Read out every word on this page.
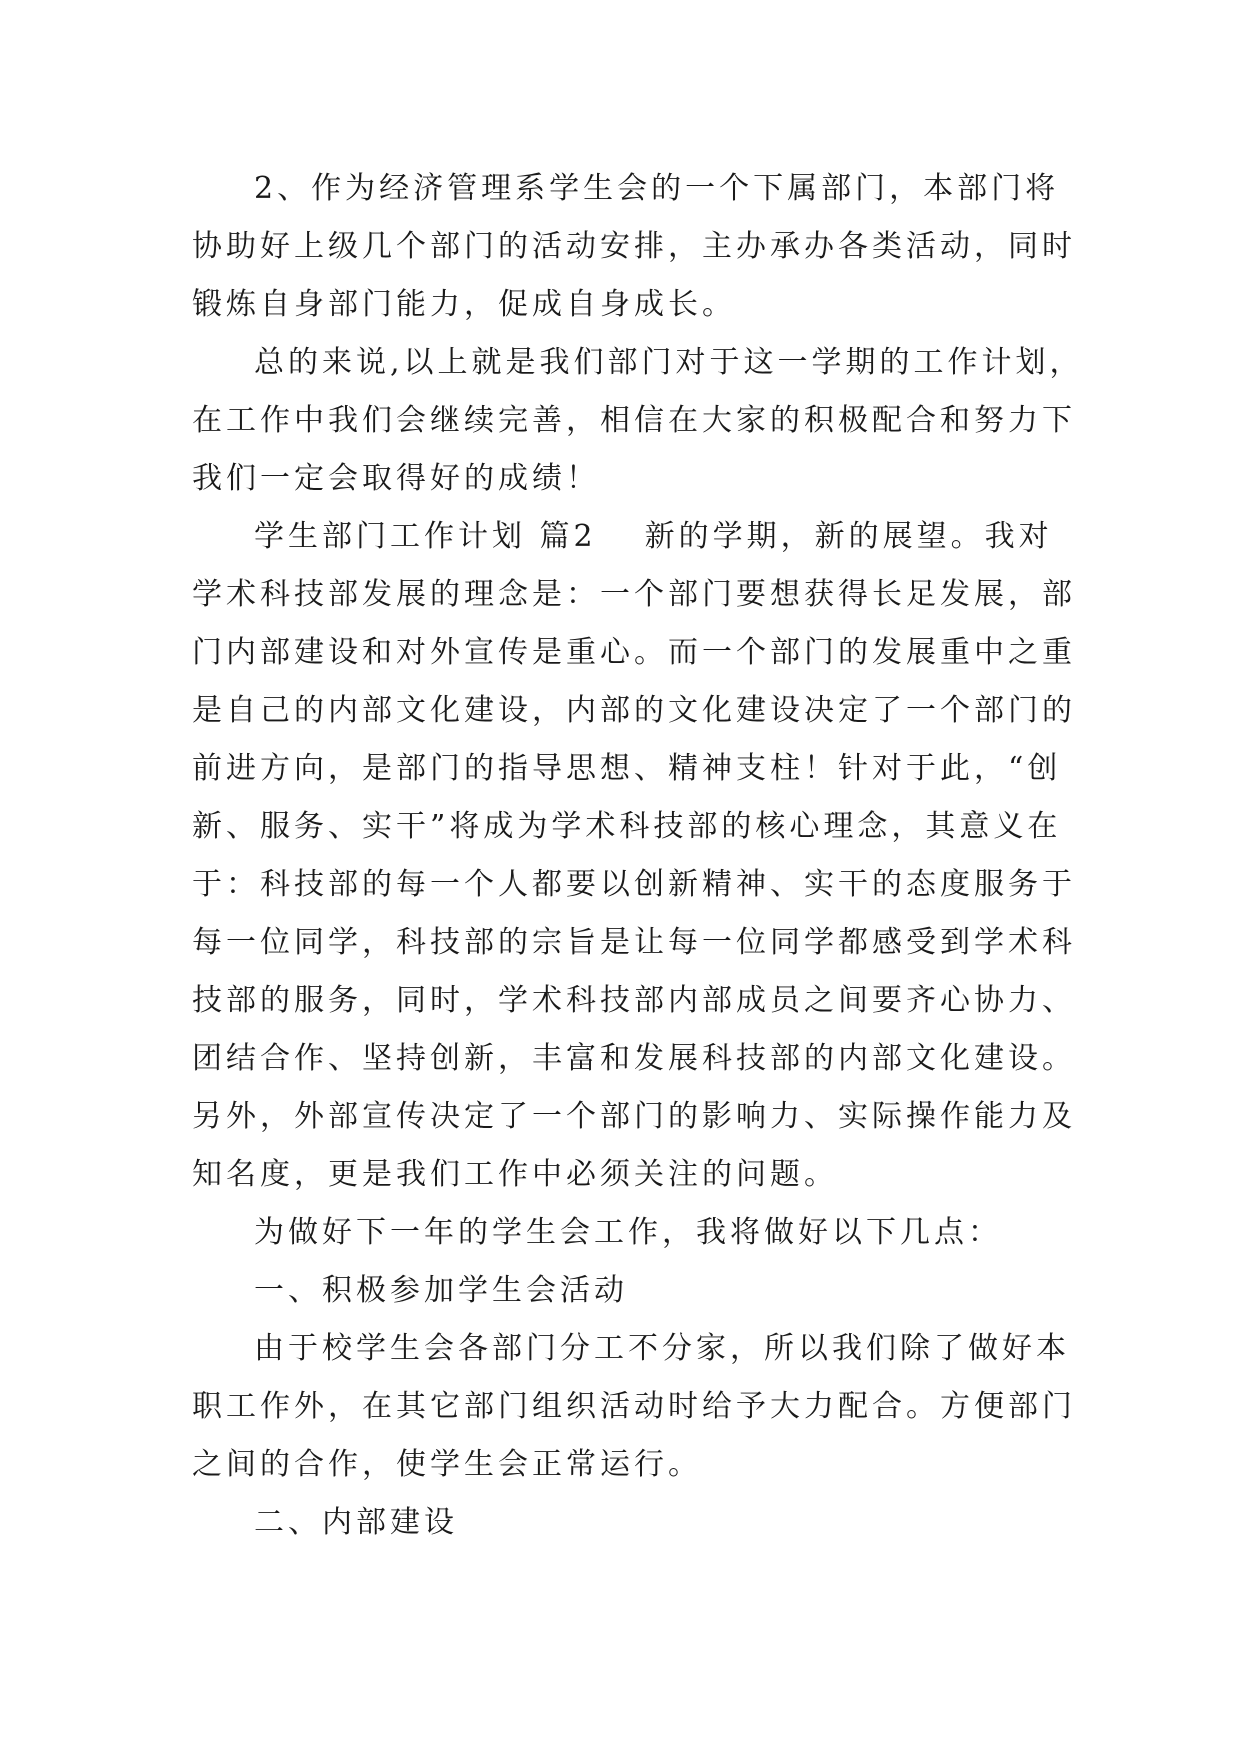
2、作为经济管理系学生会的一个下属部门，本部门将
协助好上级几个部门的活动安排，主办承办各类活动，同时
锻炼自身部门能力，促成自身成长。
总的来说,以上就是我们部门对于这一学期的工作计划，
在工作中我们会继续完善，相信在大家的积极配合和努力下
我们一定会取得好的成绩！
学生部门工作计划 篇2 新的学期，新的展望。我对
学术科技部发展的理念是：一个部门要想获得长足发展，部
门内部建设和对外宣传是重心。而一个部门的发展重中之重
是自己的内部文化建设，内部的文化建设决定了一个部门的
前进方向，是部门的指导思想、精神支柱！针对于此，“创
新、服务、实干”将成为学术科技部的核心理念，其意义在
于：科技部的每一个人都要以创新精神、实干的态度服务于
每一位同学，科技部的宗旨是让每一位同学都感受到学术科
技部的服务，同时，学术科技部内部成员之间要齐心协力、
团结合作、坚持创新，丰富和发展科技部的内部文化建设。
另外，外部宣传决定了一个部门的影响力、实际操作能力及
知名度，更是我们工作中必须关注的问题。
为做好下一年的学生会工作，我将做好以下几点：
一、积极参加学生会活动
由于校学生会各部门分工不分家，所以我们除了做好本
职工作外，在其它部门组织活动时给予大力配合。方便部门
之间的合作，使学生会正常运行。
二、内部建设
